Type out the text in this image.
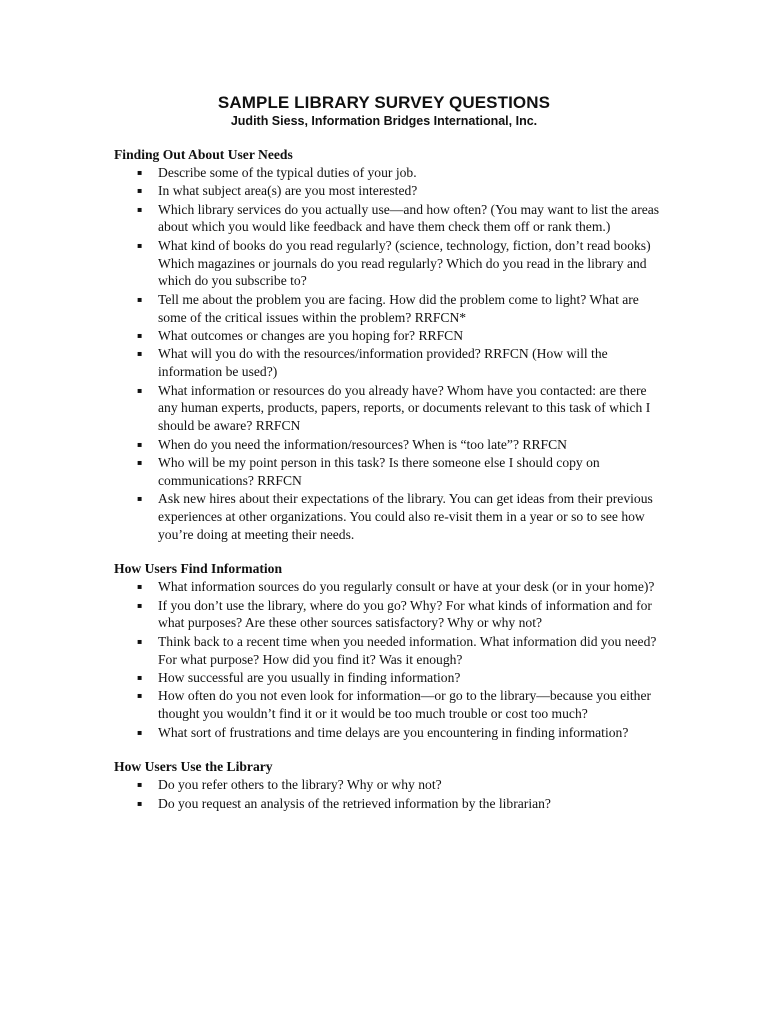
SAMPLE LIBRARY SURVEY QUESTIONS
Judith Siess, Information Bridges International, Inc.
Finding Out About User Needs
▪ Describe some of the typical duties of your job.
▪ In what subject area(s) are you most interested?
▪ Which library services do you actually use—and how often? (You may want to list the areas about which you would like feedback and have them check them off or rank them.)
▪ What kind of books do you read regularly? (science, technology, fiction, don’t read books) Which magazines or journals do you read regularly? Which do you read in the library and which do you subscribe to?
▪ Tell me about the problem you are facing. How did the problem come to light? What are some of the critical issues within the problem? RRFCN*
▪ What outcomes or changes are you hoping for? RRFCN
▪ What will you do with the resources/information provided? RRFCN (How will the information be used?)
▪ What information or resources do you already have? Whom have you contacted: are there any human experts, products, papers, reports, or documents relevant to this task of which I should be aware? RRFCN
▪ When do you need the information/resources? When is “too late”? RRFCN
▪ Who will be my point person in this task? Is there someone else I should copy on communications? RRFCN
▪ Ask new hires about their expectations of the library. You can get ideas from their previous experiences at other organizations. You could also re-visit them in a year or so to see how you’re doing at meeting their needs.
How Users Find Information
▪ What information sources do you regularly consult or have at your desk (or in your home)?
▪ If you don’t use the library, where do you go? Why? For what kinds of information and for what purposes? Are these other sources satisfactory? Why or why not?
▪ Think back to a recent time when you needed information. What information did you need? For what purpose? How did you find it? Was it enough?
▪ How successful are you usually in finding information?
▪ How often do you not even look for information—or go to the library—because you either thought you wouldn’t find it or it would be too much trouble or cost too much?
▪ What sort of frustrations and time delays are you encountering in finding information?
How Users Use the Library
▪ Do you refer others to the library? Why or why not?
▪ Do you request an analysis of the retrieved information by the librarian?
